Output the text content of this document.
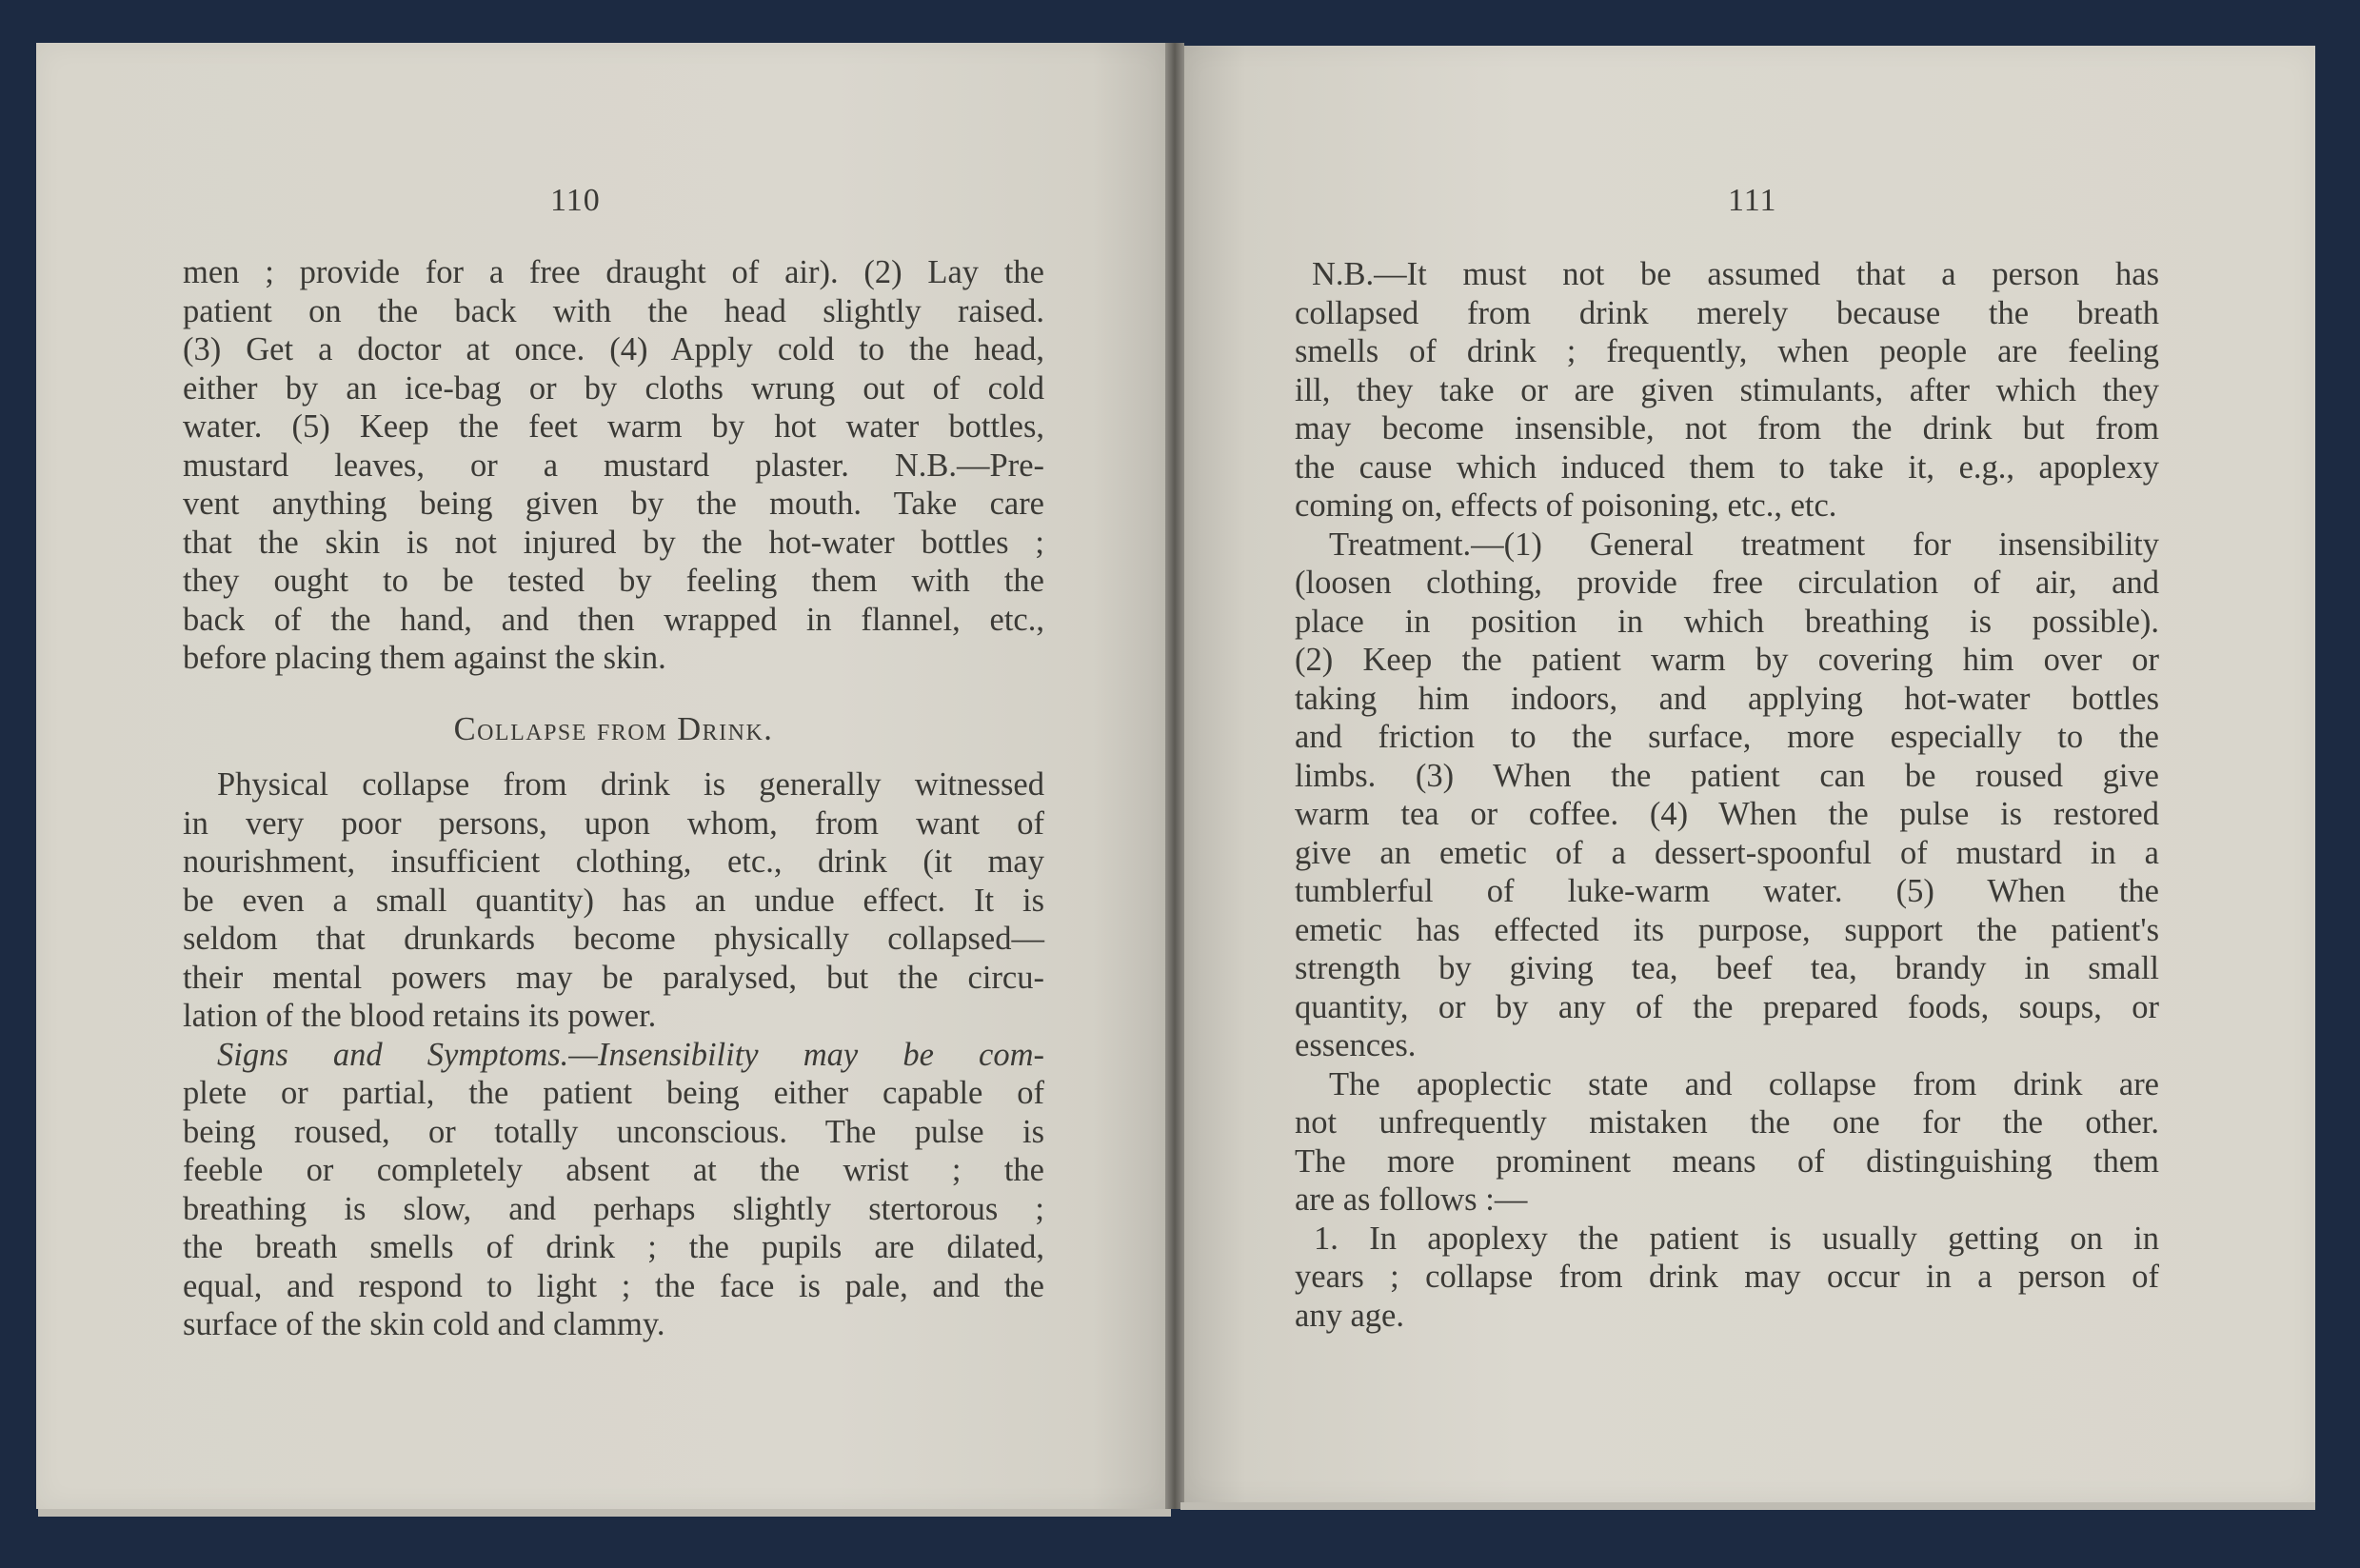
110	111
men ; provide for a free draught of air). (2) Lay the
patient on the back with the head slightly raised.
(3) Get a doctor at once. (4) Apply cold to the head,
either by an ice-bag or by cloths wrung out of cold
water. (5) Keep the feet warm by hot water bottles,
mustard leaves, or a mustard plaster. N.B.—Pre-
vent anything being given by the mouth. Take care
that the skin is not injured by the hot-water bottles ;
they ought to be tested by feeling them with the
back of the hand, and then wrapped in flannel, etc.,
before placing them against the skin.
Collapse from Drink.
Physical collapse from drink is generally witnessed
in very poor persons, upon whom, from want of
nourishment, insufficient clothing, etc., drink (it may
be even a small quantity) has an undue effect. It is
seldom that drunkards become physically collapsed—
their mental powers may be paralysed, but the circu-
lation of the blood retains its power.
Signs and Symptoms.—Insensibility may be com-
plete or partial, the patient being either capable of
being roused, or totally unconscious. The pulse is
feeble or completely absent at the wrist ; the
breathing is slow, and perhaps slightly stertorous ;
the breath smells of drink ; the pupils are dilated,
equal, and respond to light ; the face is pale, and the
surface of the skin cold and clammy.
N.B.—It must not be assumed that a person has
collapsed from drink merely because the breath
smells of drink ; frequently, when people are feeling
ill, they take or are given stimulants, after which they
may become insensible, not from the drink but from
the cause which induced them to take it, e.g., apoplexy
coming on, effects of poisoning, etc., etc.
Treatment.—(1) General treatment for insensibility
(loosen clothing, provide free circulation of air, and
place in position in which breathing is possible).
(2) Keep the patient warm by covering him over or
taking him indoors, and applying hot-water bottles
and friction to the surface, more especially to the
limbs. (3) When the patient can be roused give
warm tea or coffee. (4) When the pulse is restored
give an emetic of a dessert-spoonful of mustard in a
tumblerful of luke-warm water. (5) When the
emetic has effected its purpose, support the patient's
strength by giving tea, beef tea, brandy in small
quantity, or by any of the prepared foods, soups, or
essences.
The apoplectic state and collapse from drink are
not unfrequently mistaken the one for the other.
The more prominent means of distinguishing them
are as follows :—
1. In apoplexy the patient is usually getting on in
years ; collapse from drink may occur in a person of
any age.
